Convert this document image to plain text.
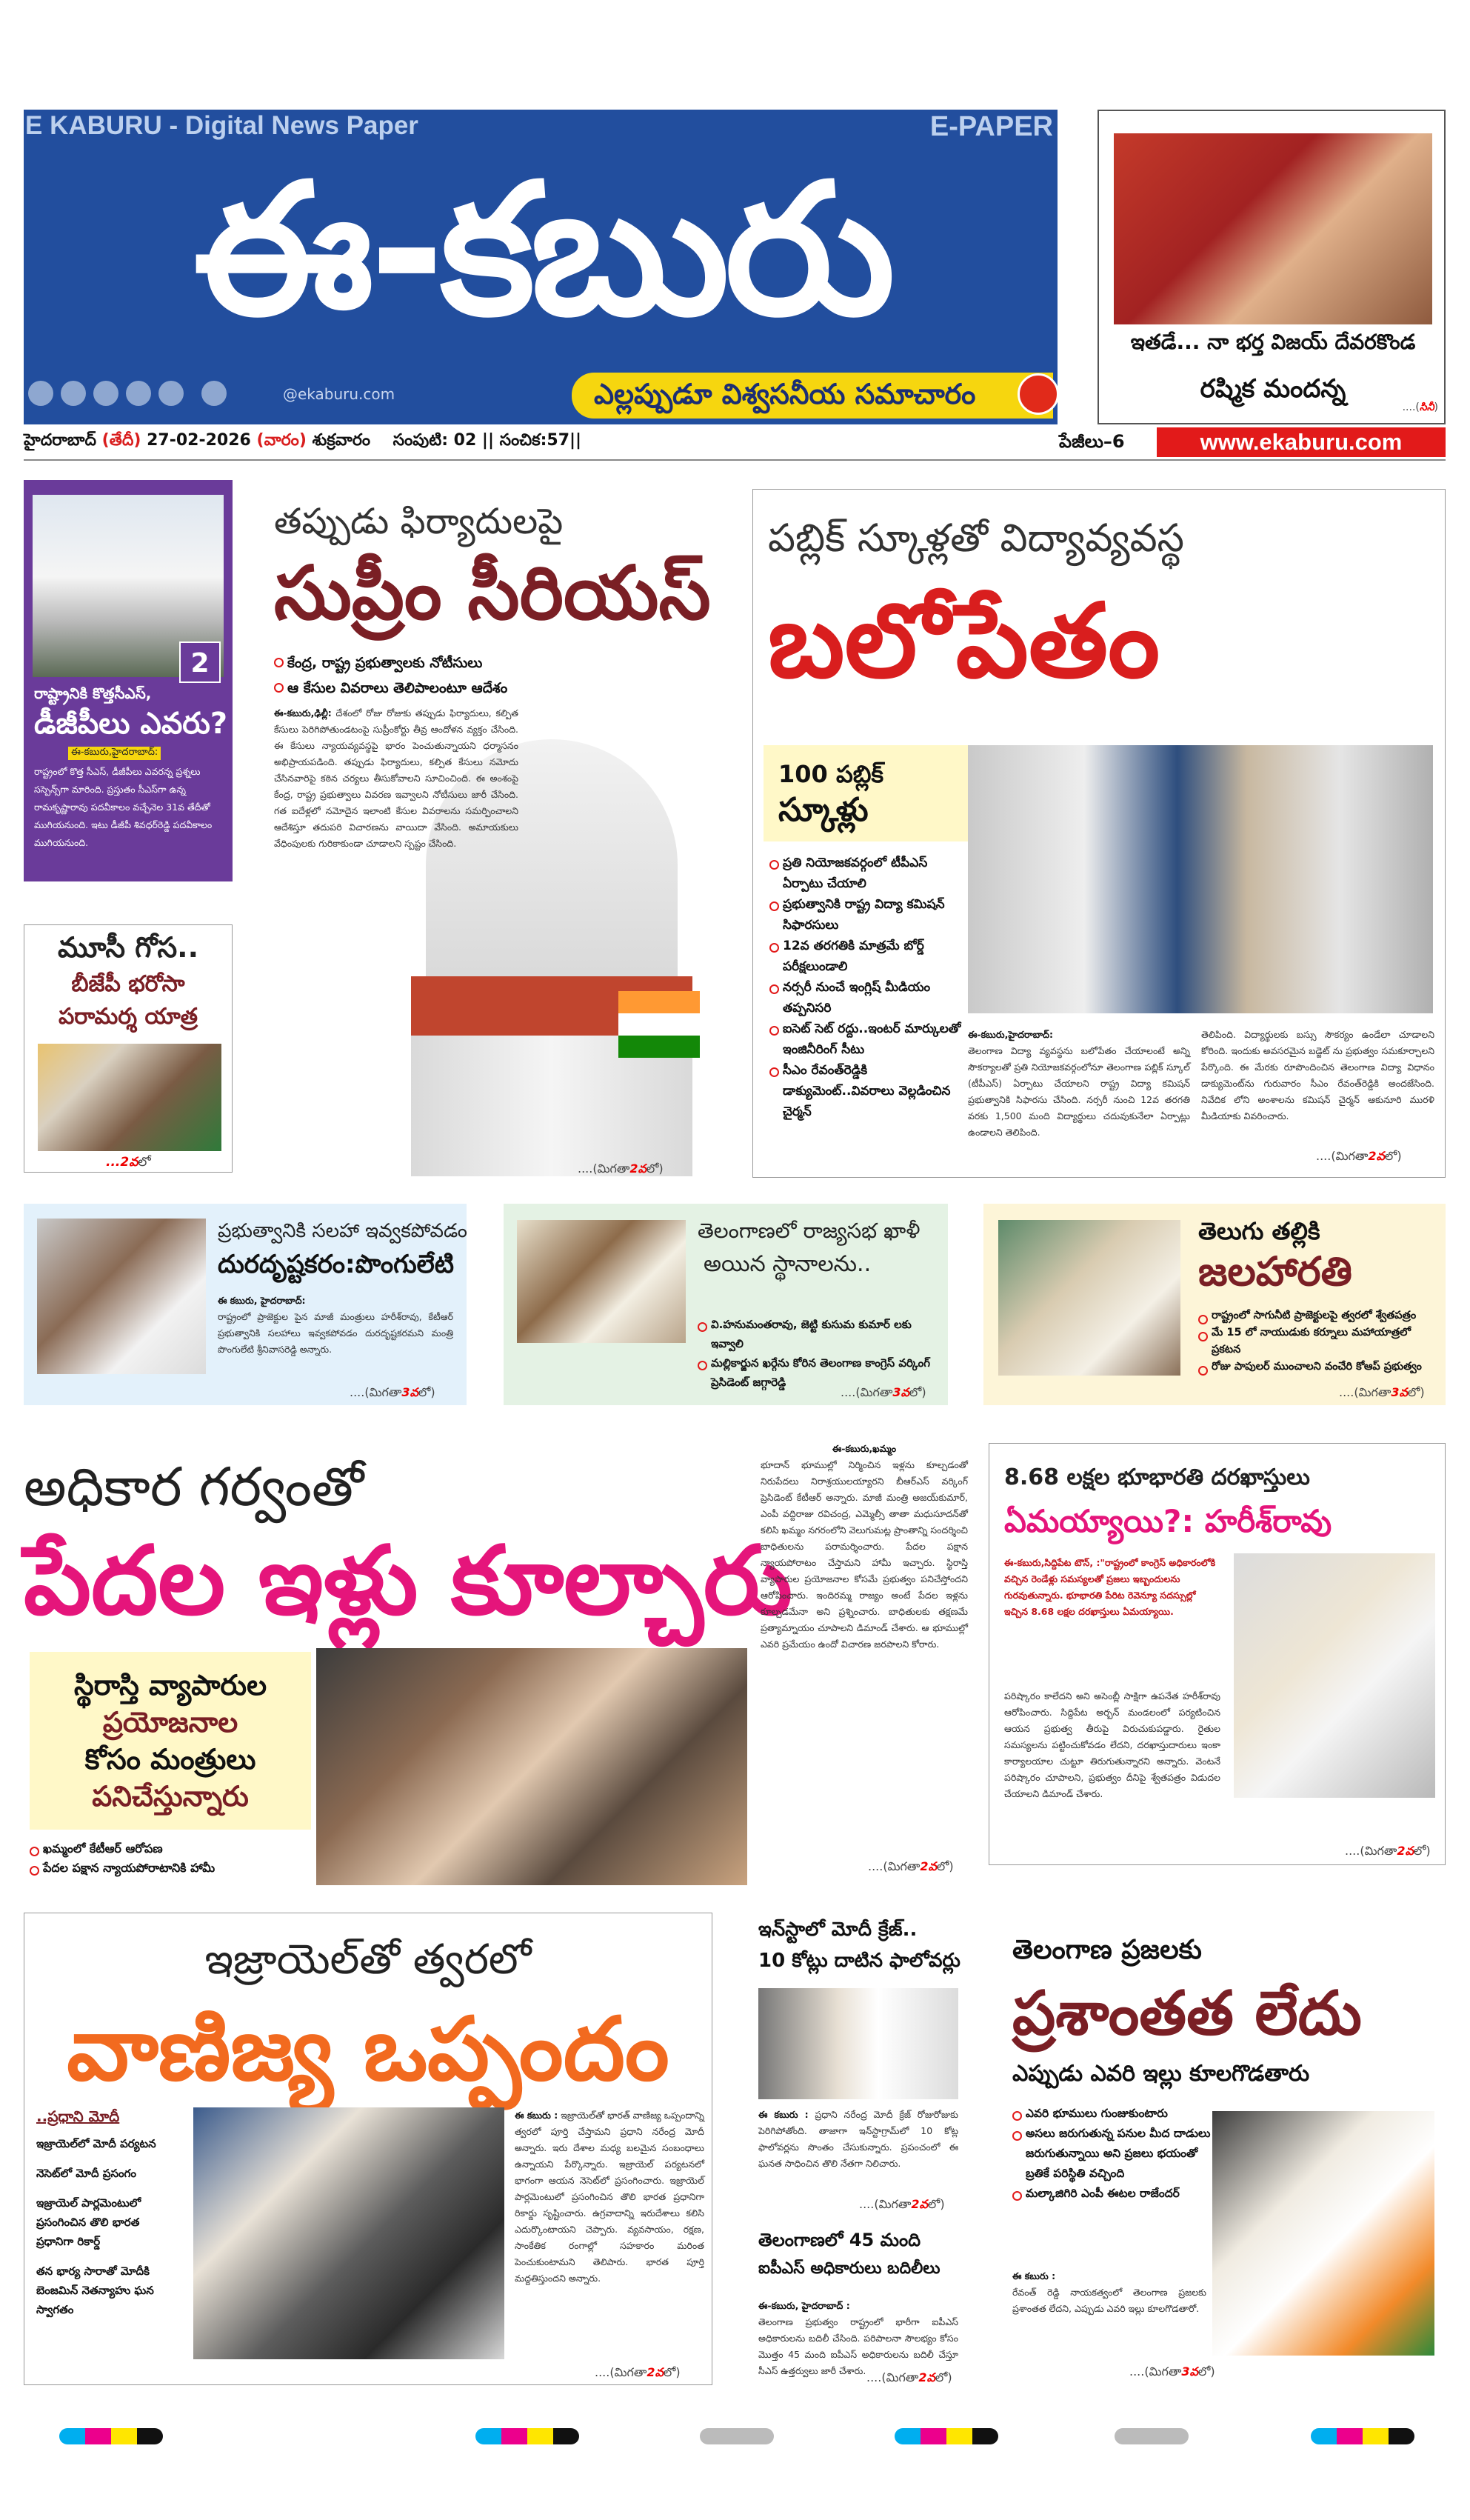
E KABURU - Digital News Paper	E-PAPER
ఈ-కబురు
@ekaburu.com	ఎల్లప్పుడూ విశ్వసనీయ సమాచారం
ఇతడే... నా భర్త విజయ్ దేవరకొండ
రష్మిక మందన్న
....(సినీ)
హైదరాబాద్ (తేదీ) 27-02-2026 (వారం) శుక్రవారం సంపుటి: 02 || సంచిక:57||	పేజీలు–6	www.ekaburu.com
2
రాష్ట్రానికి కొత్తసీఎస్,
డీజీపీలు ఎవరు?
ఈ-కబురు,హైదరాబాద్:
రాష్ట్రంలో కొత్త సీఎస్, డీజీపీలు ఎవరన్న ప్రశ్నలు సస్పెన్స్‌గా మారింది. ప్రస్తుతం సీఎస్‌గా ఉన్న రామకృష్ణారావు పదవీకాలం వచ్చేనెల 31వ తేదీతో ముగియనుంది. ఇటు డీజీపీ శివధర్‌రెడ్డి పదవీకాలం ముగియనుంది.
మూసీ గోస..
బీజేపీ భరోసా
పరామర్శ యాత్ర
...2వలో
తప్పుడు ఫిర్యాదులపై
సుప్రీం సీరియస్
కేంద్ర, రాష్ట్ర ప్రభుత్వాలకు నోటీసులు
ఆ కేసుల వివరాలు తెలిపాలంటూ ఆదేశం
ఈ-కబురు,ఢిల్లీ: దేశంలో రోజు రోజుకు తప్పుడు ఫిర్యాదులు, కల్పిత కేసులు పెరిగిపోతుండటంపై సుప్రీంకోర్టు తీవ్ర ఆందోళన వ్యక్తం చేసింది. ఈ కేసులు న్యాయవ్యవస్థపై భారం పెంచుతున్నాయని ధర్మాసనం అభిప్రాయపడింది. తప్పుడు ఫిర్యాదులు, కల్పిత కేసులు నమోదు చేసినవారిపై కఠిన చర్యలు తీసుకోవాలని సూచించింది. ఈ అంశంపై కేంద్ర, రాష్ట్ర ప్రభుత్వాలు వివరణ ఇవ్వాలని నోటీసులు జారీ చేసింది. గత ఐదేళ్లలో నమోదైన ఇలాంటి కేసుల వివరాలను సమర్పించాలని ఆదేశిస్తూ తదుపరి విచారణను వాయిదా వేసింది. అమాయకులు వేధింపులకు గురికాకుండా చూడాలని స్పష్టం చేసింది.
....(మిగతా2వలో)
పబ్లిక్ స్కూళ్లతో విద్యావ్యవస్థ
బలోపేతం
100 పబ్లిక్
స్కూళ్లు
ప్రతి నియోజకవర్గంలో టీపీఎస్ ఏర్పాటు చేయాలి
ప్రభుత్వానికి రాష్ట్ర విద్యా కమిషన్ సిఫారసులు
12వ తరగతికి మాత్రమే బోర్డ్ పరీక్షలుండాలి
నర్సరీ నుంచే ఇంగ్లిష్ మీడియం తప్పనిసరి
ఐసెట్ సెట్ రద్దు..ఇంటర్ మార్కులతో ఇంజినీరింగ్ సీటు
సీఎం రేవంత్‌రెడ్డికి డాక్యుమెంట్..వివరాలు వెల్లడించిన చైర్మన్
ఈ-కబురు,హైదరాబాద్:
తెలంగాణ విద్యా వ్యవస్థను బలోపేతం చేయాలంటే అన్ని సౌకర్యాలతో ప్రతి నియోజకవర్గంలోనూ తెలంగాణ పబ్లిక్ స్కూల్ (టీపీఎస్) ఏర్పాటు చేయాలని రాష్ట్ర విద్యా కమిషన్ ప్రభుత్వానికి సిఫారసు చేసింది. నర్సరీ నుంచి 12వ తరగతి వరకు 1,500 మంది విద్యార్థులు చదువుకునేలా ఏర్పాట్లు ఉండాలని తెలిపింది.
తెలిపింది. విద్యార్థులకు బస్సు సౌకర్యం ఉండేలా చూడాలని కోరింది. ఇందుకు అవసరమైన బడ్జెట్ ను ప్రభుత్వం సమకూర్చాలని పేర్కొంది. ఈ మేరకు రూపొందించిన తెలంగాణ విద్యా విధానం డాక్యుమెంట్‌ను గురువారం సీఎం రేవంత్‌రెడ్డికి అందజేసింది. నివేదిక లోని అంశాలను కమిషన్ చైర్మన్ ఆకునూరి మురళి మీడియాకు వివరించారు.
....(మిగతా2వలో)
ప్రభుత్వానికి సలహా ఇవ్వకపోవడం
దురదృష్టకరం:పొంగులేటి
ఈ కబురు, హైదరాబాద్:
రాష్ట్రంలో ప్రాజెక్టుల పైన మాజీ మంత్రులు హరీశ్‌రావు, కేటీఆర్ ప్రభుత్వానికి సలహాలు ఇవ్వకపోవడం దురదృష్టకరమని మంత్రి పొంగులేటి శ్రీనివాసరెడ్డి అన్నారు.
....(మిగతా3వలో)
తెలంగాణలో రాజ్యసభ ఖాళీ
అయిన స్థానాలను..
వి.హనుమంతరావు, జెట్టి కుసుమ కుమార్ లకు ఇవ్వాలి
మల్లికార్జున ఖర్గేను కోరిన తెలంగాణ కాంగ్రెస్ వర్కింగ్ ప్రెసిడెంట్ జగ్గారెడ్డి
....(మిగతా3వలో)
తెలుగు తల్లికి
జలహారతి
రాష్ట్రంలో సాగునీటి ప్రాజెక్టులపై త్వరలో శ్వేతపత్రం
మే 15 లో నాయుడుకు కర్నూలు మహాయాత్రలో ప్రకటన
రోజు పాపులర్ ముంచాలని వంచేరి కోఆప్ ప్రభుత్వం
....(మిగతా3వలో)
అధికార గర్వంతో
పేదల ఇళ్లు కూల్చారు
స్థిరాస్తి వ్యాపారుల
ప్రయోజనాల
కోసం మంత్రులు
పనిచేస్తున్నారు
ఖమ్మంలో కేటీఆర్ ఆరోపణ
పేదల పక్షాన న్యాయపోరాటానికి హామీ
ఈ-కబురు,ఖమ్మం
భూదాన్ భూముల్లో నిర్మించిన ఇళ్లను కూల్చడంతో నిరుపేదలు నిరాశ్రయులయ్యారని బీఆర్ఎస్ వర్కింగ్ ప్రెసిడెంట్ కేటీఆర్ అన్నారు. మాజీ మంత్రి అజయ్‌కుమార్, ఎంపీ వద్దిరాజు రవిచంద్ర, ఎమ్మెల్సీ తాతా మధుసూదన్‌తో కలిసి ఖమ్మం నగరంలోని వెలుగుమట్ల ప్రాంతాన్ని సందర్శించి బాధితులను పరామర్శించారు. పేదల పక్షాన న్యాయపోరాటం చేస్తామని హామీ ఇచ్చారు. స్థిరాస్తి వ్యాపారుల ప్రయోజనాల కోసమే ప్రభుత్వం పనిచేస్తోందని ఆరోపించారు. ఇందిరమ్మ రాజ్యం అంటే పేదల ఇళ్లను కూల్చడమేనా అని ప్రశ్నించారు. బాధితులకు తక్షణమే ప్రత్యామ్నాయం చూపాలని డిమాండ్ చేశారు. ఆ భూముల్లో ఎవరి ప్రమేయం ఉందో విచారణ జరపాలని కోరారు.
....(మిగతా2వలో)
8.68 లక్షల భూభారతి దరఖాస్తులు
ఏమయ్యాయి?: హరీశ్‌రావు
ఈ-కబురు,సిద్దిపేట టౌన్, :"రాష్ట్రంలో కాంగ్రెస్ అధికారంలోకి వచ్చిన రెండేళ్లు సమస్యలతో ప్రజలు ఇబ్బందులను గురవుతున్నారు. భూభారతి పేరిట రెవెన్యూ సదస్సుల్లో ఇచ్చిన 8.68 లక్షల దరఖాస్తులు ఏమయ్యాయి.
పరిష్కారం కాలేదని అని అసెంబ్లీ సాక్షిగా ఉపనేత హరీశ్‌రావు ఆరోపించారు. సిద్దిపేట అర్బన్ మండలంలో పర్యటించిన ఆయన ప్రభుత్వ తీరుపై విరుచుకుపడ్డారు. రైతుల సమస్యలను పట్టించుకోవడం లేదని, దరఖాస్తుదారులు ఇంకా కార్యాలయాల చుట్టూ తిరుగుతున్నారని అన్నారు. వెంటనే పరిష్కారం చూపాలని, ప్రభుత్వం దీనిపై శ్వేతపత్రం విడుదల చేయాలని డిమాండ్ చేశారు.
....(మిగతా2వలో)
ఇజ్రాయెల్‌తో త్వరలో
వాణిజ్య ఒప్పందం
..ప్రధాని మోదీ
ఇజ్రాయెల్‌లో మోదీ పర్యటన
నెసెట్‌లో మోదీ ప్రసంగం
ఇజ్రాయెల్ పార్లమెంటులో ప్రసంగించిన తొలి భారత ప్రధానిగా రికార్డ్
తన భార్య సారాతో మోదీకి బెంజమిన్ నెతన్యాహు ఘన స్వాగతం
ఈ కబురు : ఇజ్రాయెల్‌తో భారత్ వాణిజ్య ఒప్పందాన్ని త్వరలో పూర్తి చేస్తామని ప్రధాని నరేంద్ర మోదీ అన్నారు. ఇరు దేశాల మధ్య బలమైన సంబంధాలు ఉన్నాయని పేర్కొన్నారు. ఇజ్రాయెల్ పర్యటనలో భాగంగా ఆయన నెసెట్‌లో ప్రసంగించారు. ఇజ్రాయెల్ పార్లమెంటులో ప్రసంగించిన తొలి భారత ప్రధానిగా రికార్డు సృష్టించారు. ఉగ్రవాదాన్ని ఇరుదేశాలు కలిసి ఎదుర్కొంటాయని చెప్పారు. వ్యవసాయం, రక్షణ, సాంకేతిక రంగాల్లో సహకారం మరింత పెంచుకుంటామని తెలిపారు. భారత పూర్తి మద్దతిస్తుందని అన్నారు.
....(మిగతా2వలో)
ఇన్‌స్టాలో మోదీ క్రేజ్..
10 కోట్లు దాటిన ఫాలోవర్లు
ఈ కబురు : ప్రధాని నరేంద్ర మోదీ క్రేజ్ రోజురోజుకు పెరిగిపోతోంది. తాజాగా ఇన్‌స్టాగ్రామ్‌లో 10 కోట్ల ఫాలోవర్లను సొంతం చేసుకున్నారు. ప్రపంచంలో ఈ ఘనత సాధించిన తొలి నేతగా నిలిచారు.
....(మిగతా2వలో)
తెలంగాణలో 45 మంది
ఐపీఎస్ అధికారులు బదిలీలు
ఈ-కబురు, హైదరాబాద్ :
తెలంగాణ ప్రభుత్వం రాష్ట్రంలో భారీగా ఐపీఎస్ అధికారులను బదిలీ చేసింది. పరిపాలనా సౌలభ్యం కోసం మొత్తం 45 మంది ఐపీఎస్ అధికారులను బదిలీ చేస్తూ సీఎస్ ఉత్తర్వులు జారీ చేశారు. ....(మిగతా2వలో)
తెలంగాణ ప్రజలకు
ప్రశాంతత లేదు
ఎప్పుడు ఎవరి ఇల్లు కూలగొడతారు
ఎవరి భూములు గుంజుకుంటారు
అసలు జరుగుతున్న పనుల మీద దాడులు జరుగుతున్నాయి అని ప్రజలు భయంతో బ్రతికే పరిస్థితి వచ్చింది
మల్కాజిగిరి ఎంపీ ఈటల రాజేందర్
ఈ కబురు :
రేవంత్ రెడ్డి నాయకత్వంలో తెలంగాణ ప్రజలకు ప్రశాంతత లేదని, ఎప్పుడు ఎవరి ఇల్లు కూలగొడతారో.
....(మిగతా3వలో)
